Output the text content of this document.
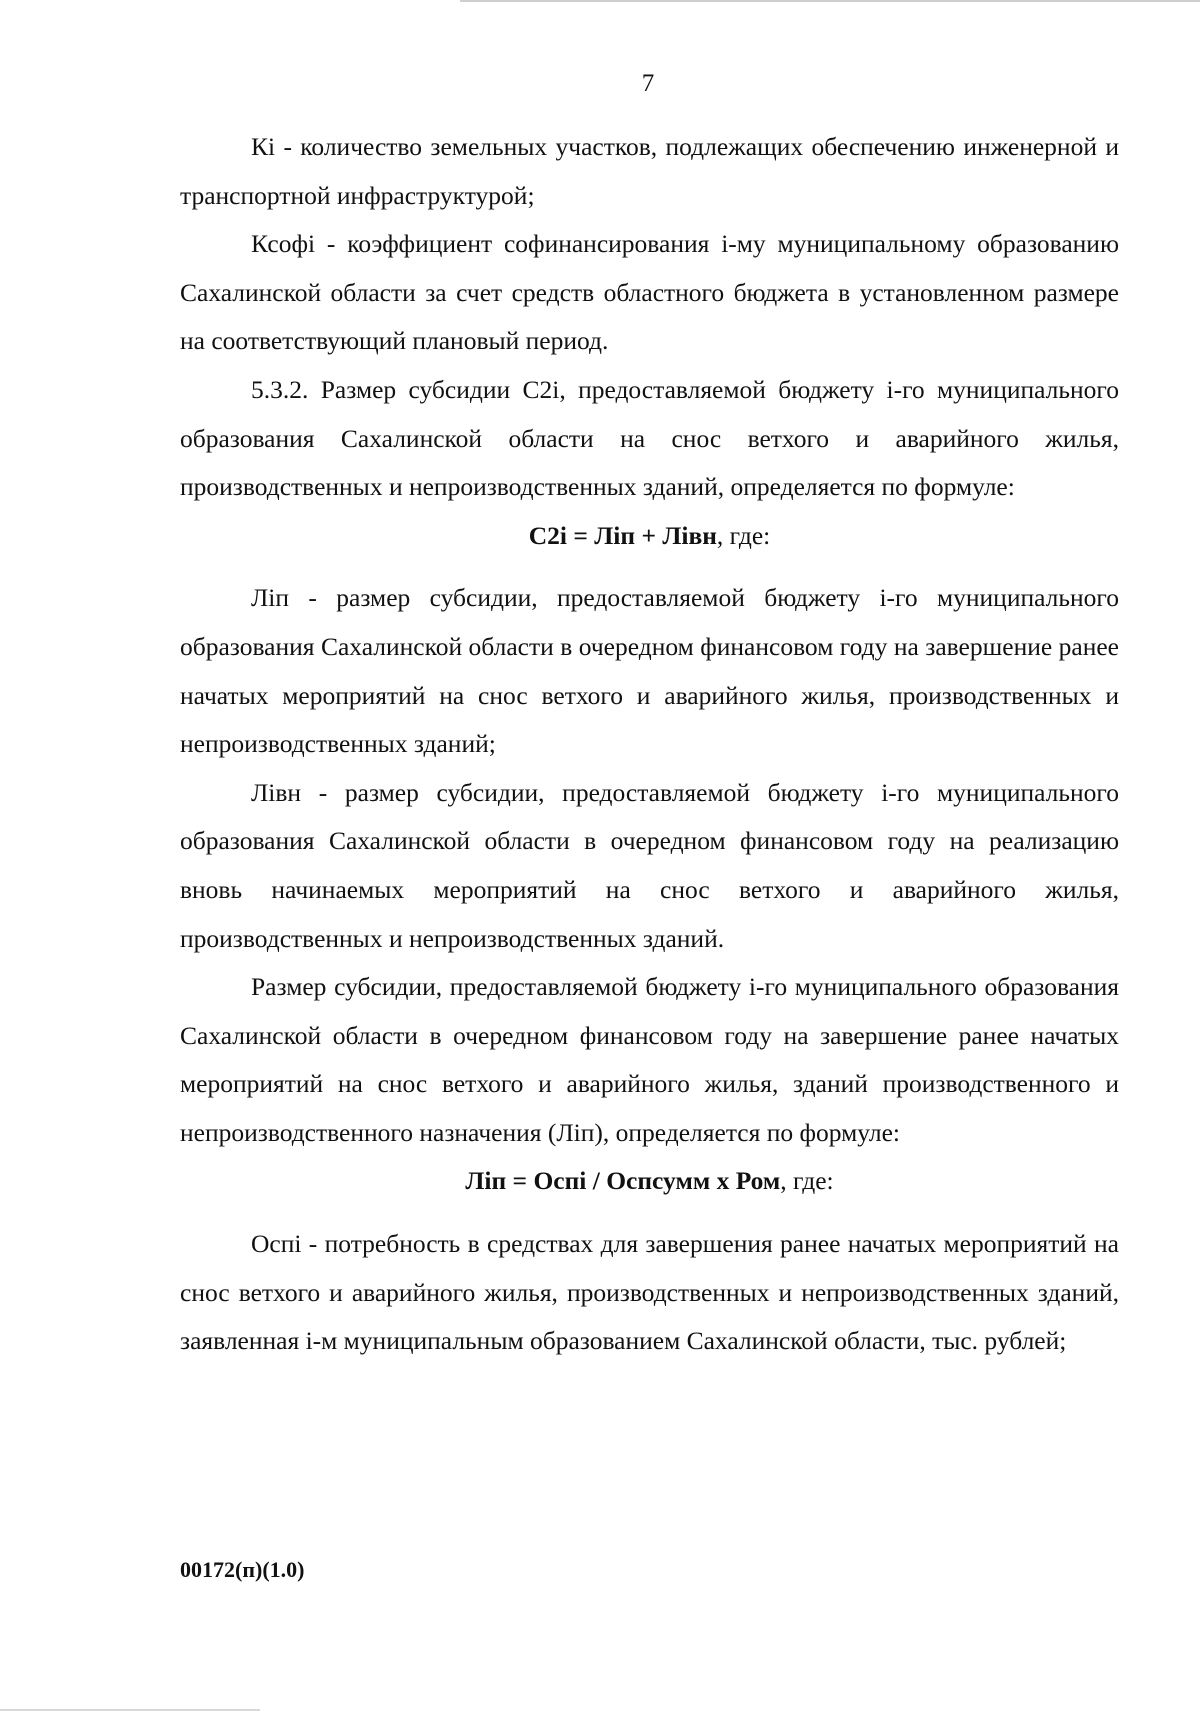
7

Кi - количество земельных участков, подлежащих обеспечению инженерной и транспортной инфраструктурой;

Ксофi - коэффициент софинансирования i-му муниципальному образованию Сахалинской области за счет средств областного бюджета в установленном размере на соответствующий плановый период.

5.3.2. Размер субсидии С2i, предоставляемой бюджету i-го муниципального образования Сахалинской области на снос ветхого и аварийного жилья, производственных и непроизводственных зданий, определяется по формуле:

С2i = Лiп + Лiвн, где:

Лiп - размер субсидии, предоставляемой бюджету i-го муниципального образования Сахалинской области в очередном финансовом году на завершение ранее начатых мероприятий на снос ветхого и аварийного жилья, производственных и непроизводственных зданий;

Лiвн - размер субсидии, предоставляемой бюджету i-го муниципального образования Сахалинской области в очередном финансовом году на реализацию вновь начинаемых мероприятий на снос ветхого и аварийного жилья, производственных и непроизводственных зданий.

Размер субсидии, предоставляемой бюджету i-го муниципального образования Сахалинской области в очередном финансовом году на завершение ранее начатых мероприятий на снос ветхого и аварийного жилья, зданий производственного и непроизводственного назначения (Лiп), определяется по формуле:

Лiп = Оспi / Оспсумм х Ром, где:

Оспi - потребность в средствах для завершения ранее начатых мероприятий на снос ветхого и аварийного жилья, производственных и непроизводственных зданий, заявленная i-м муниципальным образованием Сахалинской области, тыс. рублей;

00172(п)(1.0)
